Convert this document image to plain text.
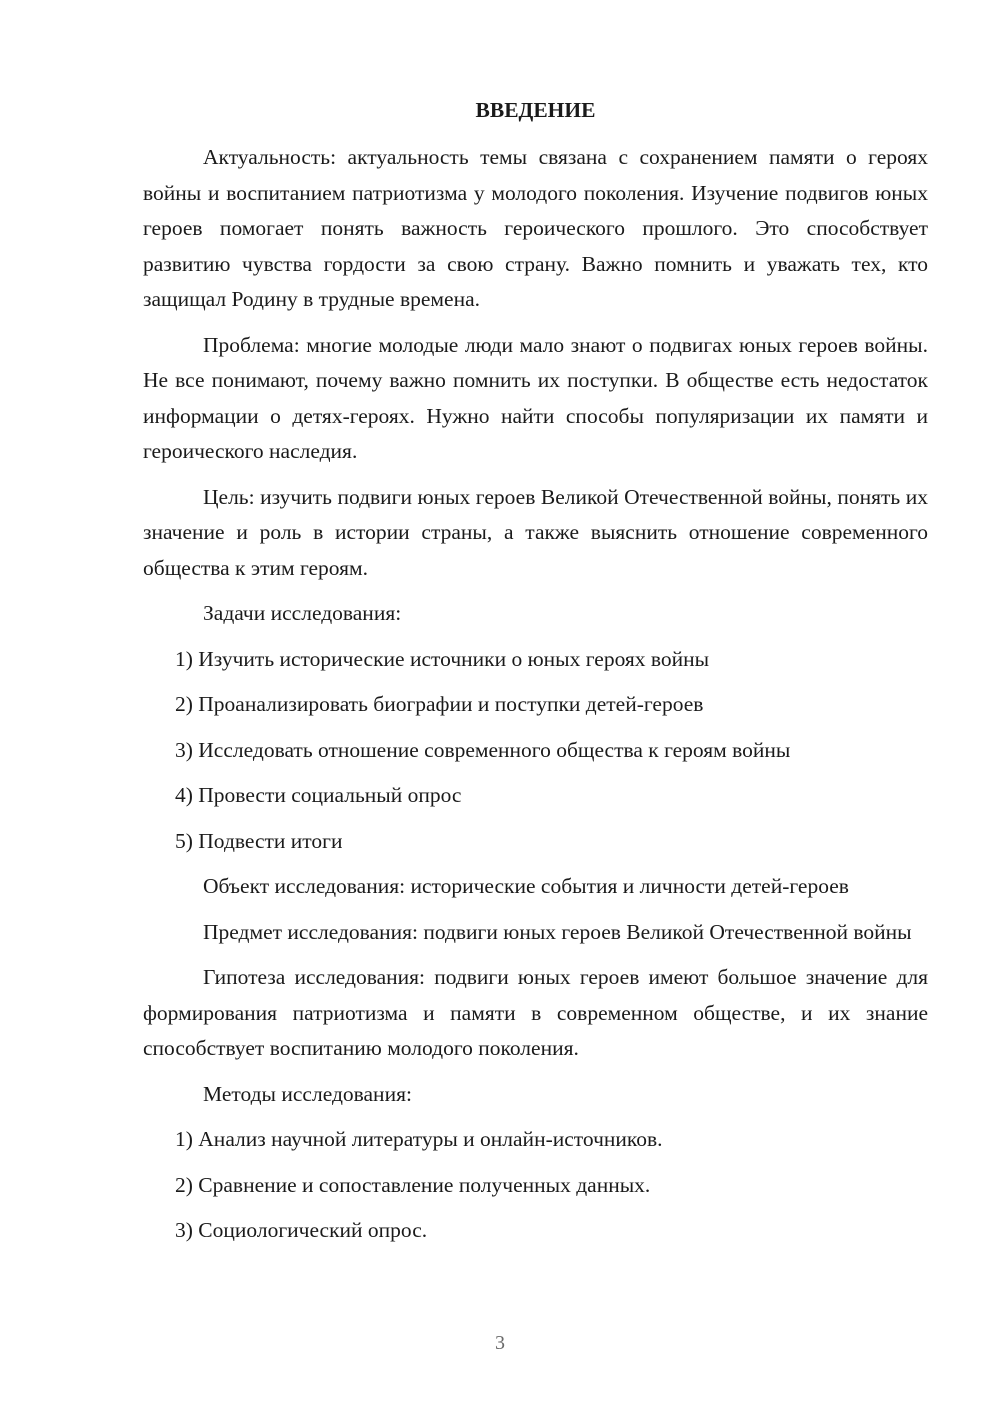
ВВЕДЕНИЕ

Актуальность: актуальность темы связана с сохранением памяти о героях войны и воспитанием патриотизма у молодого поколения. Изучение подвигов юных героев помогает понять важность героического прошлого. Это способствует развитию чувства гордости за свою страну. Важно помнить и уважать тех, кто защищал Родину в трудные времена.

Проблема: многие молодые люди мало знают о подвигах юных героев войны. Не все понимают, почему важно помнить их поступки. В обществе есть недостаток информации о детях-героях. Нужно найти способы популяризации их памяти и героического наследия.

Цель: изучить подвиги юных героев Великой Отечественной войны, понять их значение и роль в истории страны, а также выяснить отношение современного общества к этим героям.

Задачи исследования:

1) Изучить исторические источники о юных героях войны
2) Проанализировать биографии и поступки детей-героев
3) Исследовать отношение современного общества к героям войны
4) Провести социальный опрос
5) Подвести итоги

Объект исследования: исторические события и личности детей-героев

Предмет исследования: подвиги юных героев Великой Отечественной войны

Гипотеза исследования: подвиги юных героев имеют большое значение для формирования патриотизма и памяти в современном обществе, и их знание способствует воспитанию молодого поколения.

Методы исследования:

1) Анализ научной литературы и онлайн-источников.
2) Сравнение и сопоставление полученных данных.
3) Социологический опрос.
3
